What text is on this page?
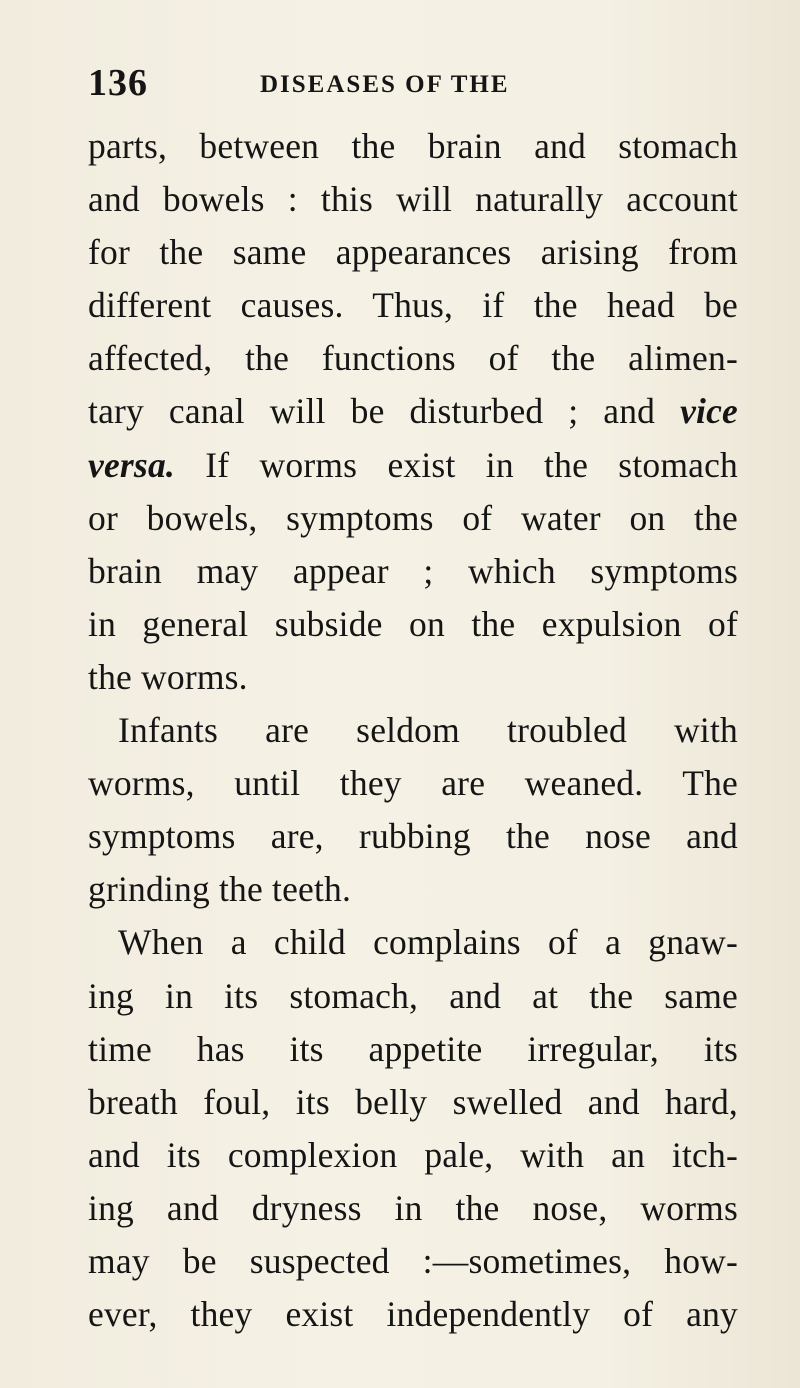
136	DISEASES OF THE
parts, between the brain and stomach
and bowels : this will naturally account
for the same appearances arising from
different causes. Thus, if the head be
affected, the functions of the alimen-
tary canal will be disturbed ; and vice
versa. If worms exist in the stomach
or bowels, symptoms of water on the
brain may appear ; which symptoms
in general subside on the expulsion of
the worms.
Infants are seldom troubled with
worms, until they are weaned. The
symptoms are, rubbing the nose and
grinding the teeth.
When a child complains of a gnaw-
ing in its stomach, and at the same
time has its appetite irregular, its
breath foul, its belly swelled and hard,
and its complexion pale, with an itch-
ing and dryness in the nose, worms
may be suspected :—sometimes, how-
ever, they exist independently of any
